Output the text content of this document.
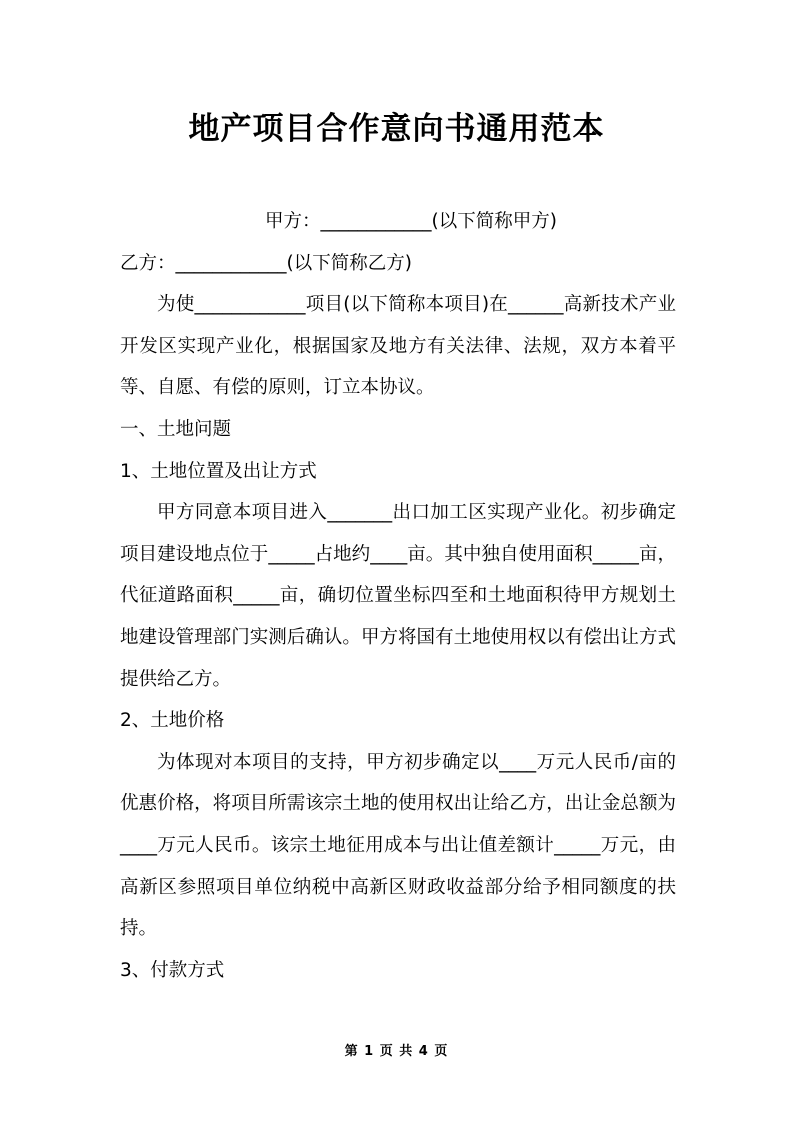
地产项目合作意向书通用范本

甲方：____________(以下简称甲方)

乙方：____________(以下简称乙方)

为使____________项目(以下简称本项目)在______高新技术产业开发区实现产业化，根据国家及地方有关法律、法规，双方本着平等、自愿、有偿的原则，订立本协议。

一、土地问题

1、土地位置及出让方式

甲方同意本项目进入_______出口加工区实现产业化。初步确定项目建设地点位于_____占地约____亩。其中独自使用面积_____亩，代征道路面积_____亩，确切位置坐标四至和土地面积待甲方规划土地建设管理部门实测后确认。甲方将国有土地使用权以有偿出让方式提供给乙方。

2、土地价格

为体现对本项目的支持，甲方初步确定以____万元人民币/亩的优惠价格，将项目所需该宗土地的使用权出让给乙方，出让金总额为____万元人民币。该宗土地征用成本与出让值差额计_____万元，由高新区参照项目单位纳税中高新区财政收益部分给予相同额度的扶持。

3、付款方式

第 1 页 共 4 页
